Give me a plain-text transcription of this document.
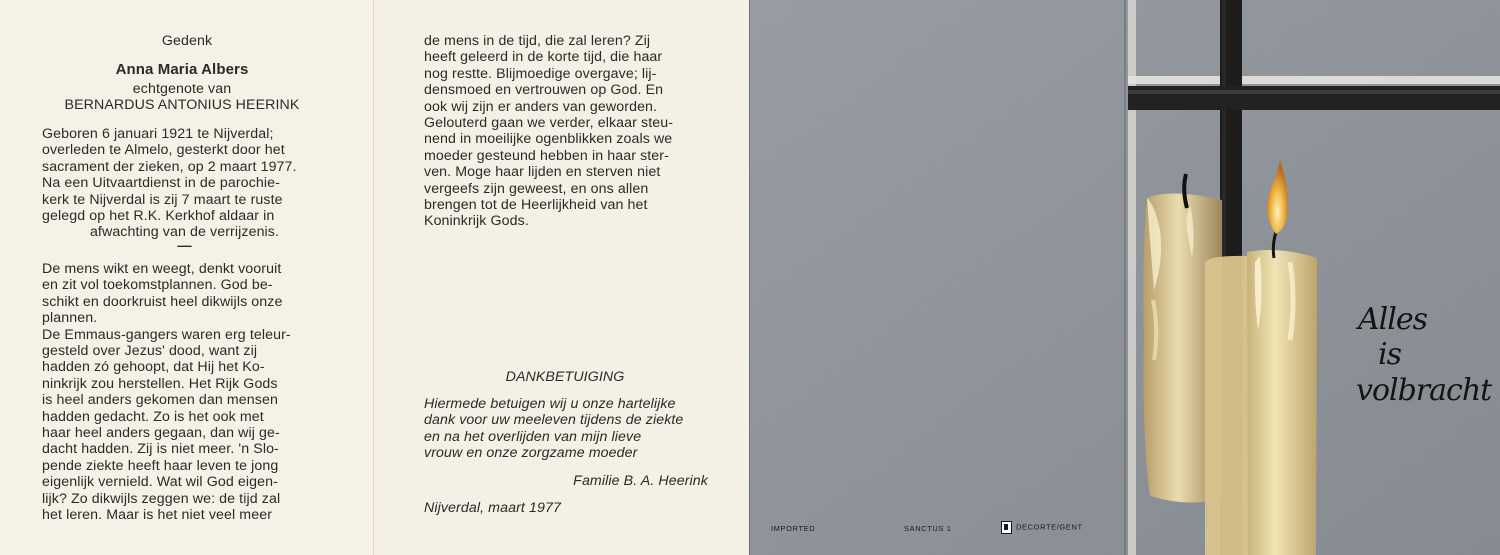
Gedenk
Anna Maria Albers
echtgenote van
BERNARDUS ANTONIUS HEERINK
Geboren 6 januari 1921 te Nijverdal;
overleden te Almelo, gesterkt door het
sacrament der zieken, op 2 maart 1977.
Na een Uitvaartdienst in de parochie-
kerk te Nijverdal is zij 7 maart te ruste
gelegd op het R.K. Kerkhof aldaar in
afwachting van de verrijzenis.
—
De mens wikt en weegt, denkt vooruit
en zit vol toekomstplannen. God be-
schikt en doorkruist heel dikwijls onze
plannen.
De Emmaus-gangers waren erg teleur-
gesteld over Jezus' dood, want zij
hadden zó gehoopt, dat Hij het Ko-
ninkrijk zou herstellen. Het Rijk Gods
is heel anders gekomen dan mensen
hadden gedacht. Zo is het ook met
haar heel anders gegaan, dan wij ge-
dacht hadden. Zij is niet meer. 'n Slo-
pende ziekte heeft haar leven te jong
eigenlijk vernield. Wat wil God eigen-
lijk? Zo dikwijls zeggen we: de tijd zal
het leren. Maar is het niet veel meer
de mens in de tijd, die zal leren? Zij
heeft geleerd in de korte tijd, die haar
nog restte. Blijmoedige overgave; lij-
densmoed en vertrouwen op God. En
ook wij zijn er anders van geworden.
Gelouterd gaan we verder, elkaar steu-
nend in moeilijke ogenblikken zoals we
moeder gesteund hebben in haar ster-
ven. Moge haar lijden en sterven niet
vergeefs zijn geweest, en ons allen
brengen tot de Heerlijkheid van het
Koninkrijk Gods.
DANKBETUIGING
Hiermede betuigen wij u onze hartelijke
dank voor uw meeleven tijdens de ziekte
en na het overlijden van mijn lieve
vrouw en onze zorgzame moeder
Familie B. A. Heerink
Nijverdal, maart 1977
Alles
is
volbracht
IMPORTED	SANCTUS 1	DECORTE/GENT
